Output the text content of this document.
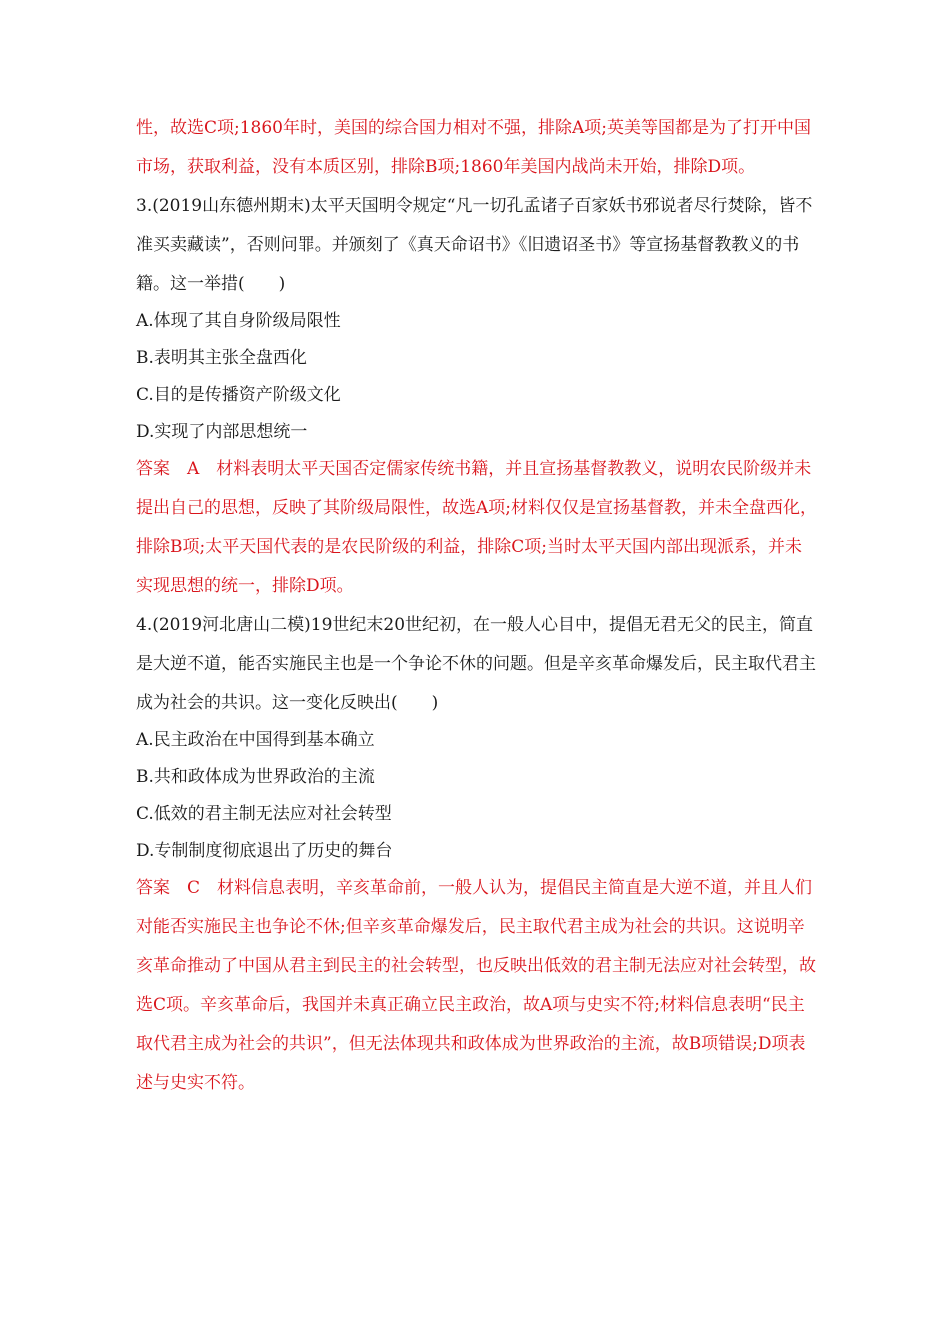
性，故选C项;1860年时，美国的综合国力相对不强，排除A项;英美等国都是为了打开中国

市场，获取利益，没有本质区别，排除B项;1860年美国内战尚未开始，排除D项。

3.(2019山东德州期末)太平天国明令规定“凡一切孔孟诸子百家妖书邪说者尽行焚除，皆不

准买卖藏读”，否则问罪。并颁刻了《真天命诏书》《旧遗诏圣书》等宣扬基督教教义的书

籍。这一举措(　　)

A.体现了其自身阶级局限性

B.表明其主张全盘西化

C.目的是传播资产阶级文化

D.实现了内部思想统一

答案　A　材料表明太平天国否定儒家传统书籍，并且宣扬基督教教义，说明农民阶级并未

提出自己的思想，反映了其阶级局限性，故选A项;材料仅仅是宣扬基督教，并未全盘西化，

排除B项;太平天国代表的是农民阶级的利益，排除C项;当时太平天国内部出现派系，并未

实现思想的统一，排除D项。

4.(2019河北唐山二模)19世纪末20世纪初，在一般人心目中，提倡无君无父的民主，简直

是大逆不道，能否实施民主也是一个争论不休的问题。但是辛亥革命爆发后，民主取代君主

成为社会的共识。这一变化反映出(　　)

A.民主政治在中国得到基本确立

B.共和政体成为世界政治的主流

C.低效的君主制无法应对社会转型

D.专制制度彻底退出了历史的舞台

答案　C　材料信息表明，辛亥革命前，一般人认为，提倡民主简直是大逆不道，并且人们

对能否实施民主也争论不休;但辛亥革命爆发后，民主取代君主成为社会的共识。这说明辛

亥革命推动了中国从君主到民主的社会转型，也反映出低效的君主制无法应对社会转型，故

选C项。辛亥革命后，我国并未真正确立民主政治，故A项与史实不符;材料信息表明“民主

取代君主成为社会的共识”，但无法体现共和政体成为世界政治的主流，故B项错误;D项表

述与史实不符。
